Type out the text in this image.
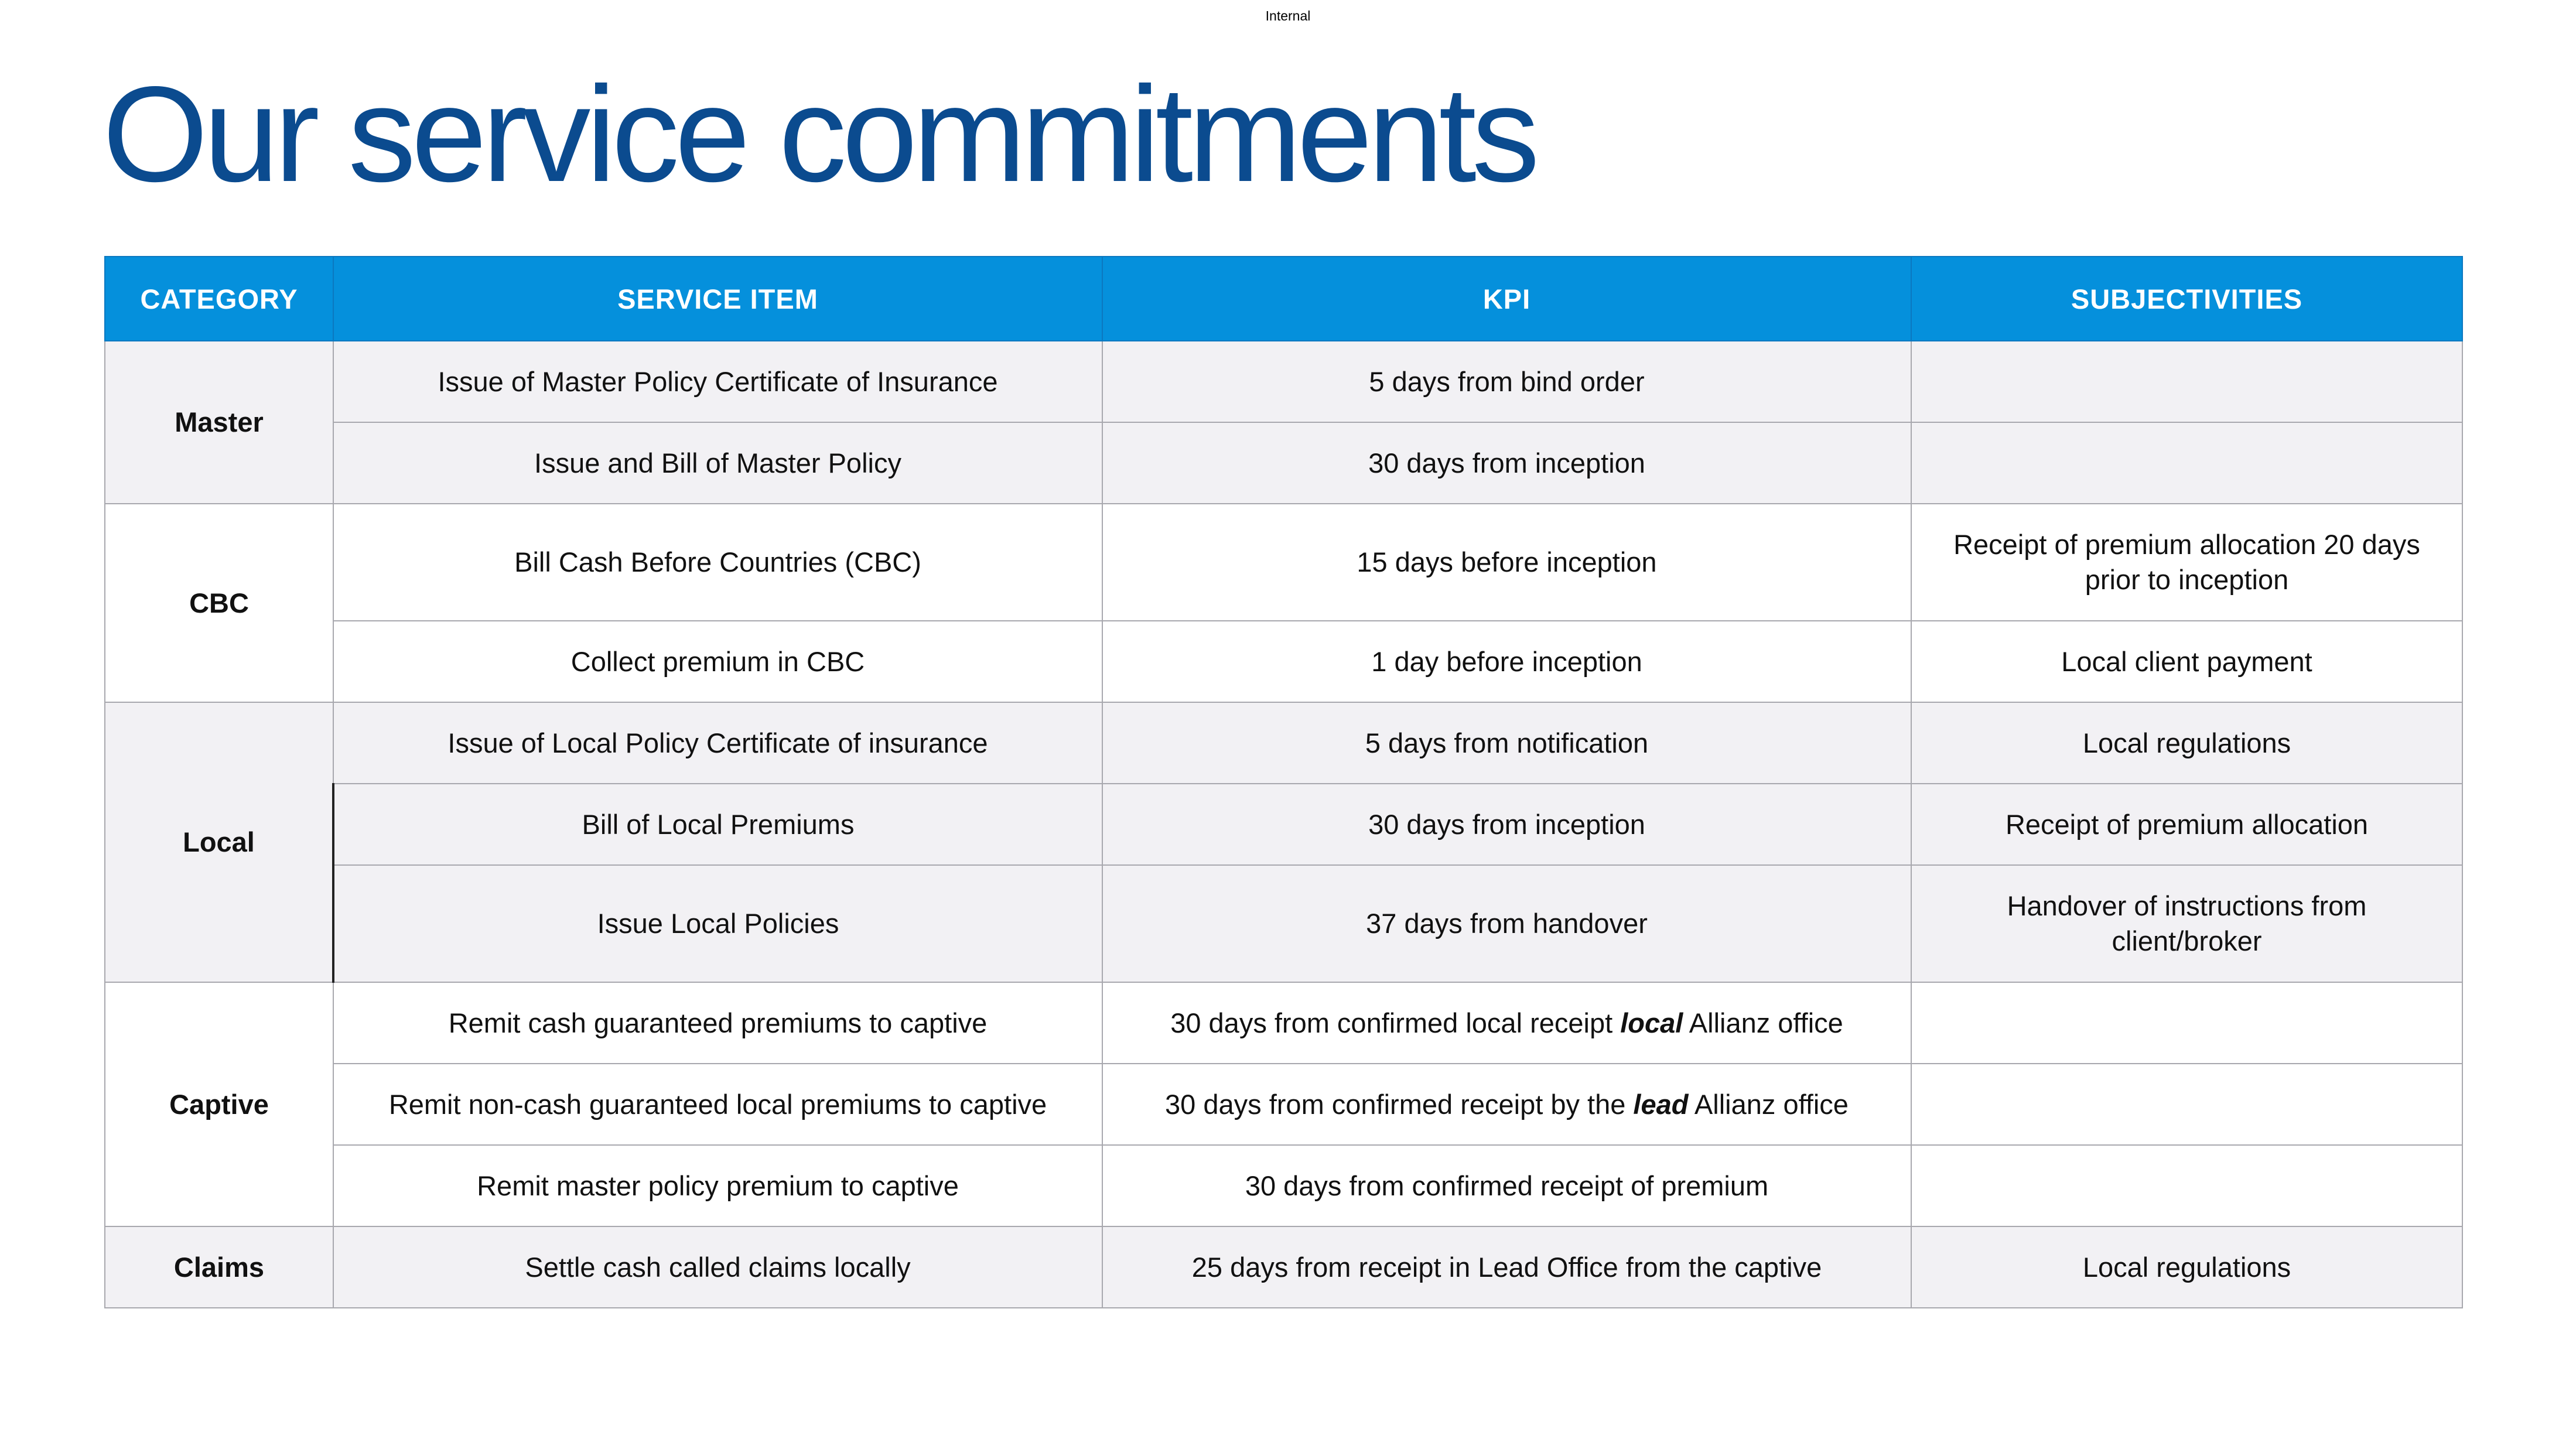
Internal
Our service commitments
CATEGORY	SERVICE ITEM	KPI	SUBJECTIVITIES
Master	Issue of Master Policy Certificate of Insurance	5 days from bind order	
	Issue and Bill of Master Policy	30 days from inception	
CBC	Bill Cash Before Countries (CBC)	15 days before inception	Receipt of premium allocation 20 days prior to inception
	Collect premium in CBC	1 day before inception	Local client payment
Local	Issue of Local Policy Certificate of insurance	5 days from notification	Local regulations
	Bill of Local Premiums	30 days from inception	Receipt of premium allocation
	Issue Local Policies	37 days from handover	Handover of instructions from client/broker
Captive	Remit cash guaranteed premiums to captive	30 days from confirmed local receipt local Allianz office	
	Remit non-cash guaranteed local premiums to captive	30 days from confirmed receipt by the lead Allianz office	
	Remit master policy premium to captive	30 days from confirmed receipt of premium	
Claims	Settle cash called claims locally	25 days from receipt in Lead Office from the captive	Local regulations
